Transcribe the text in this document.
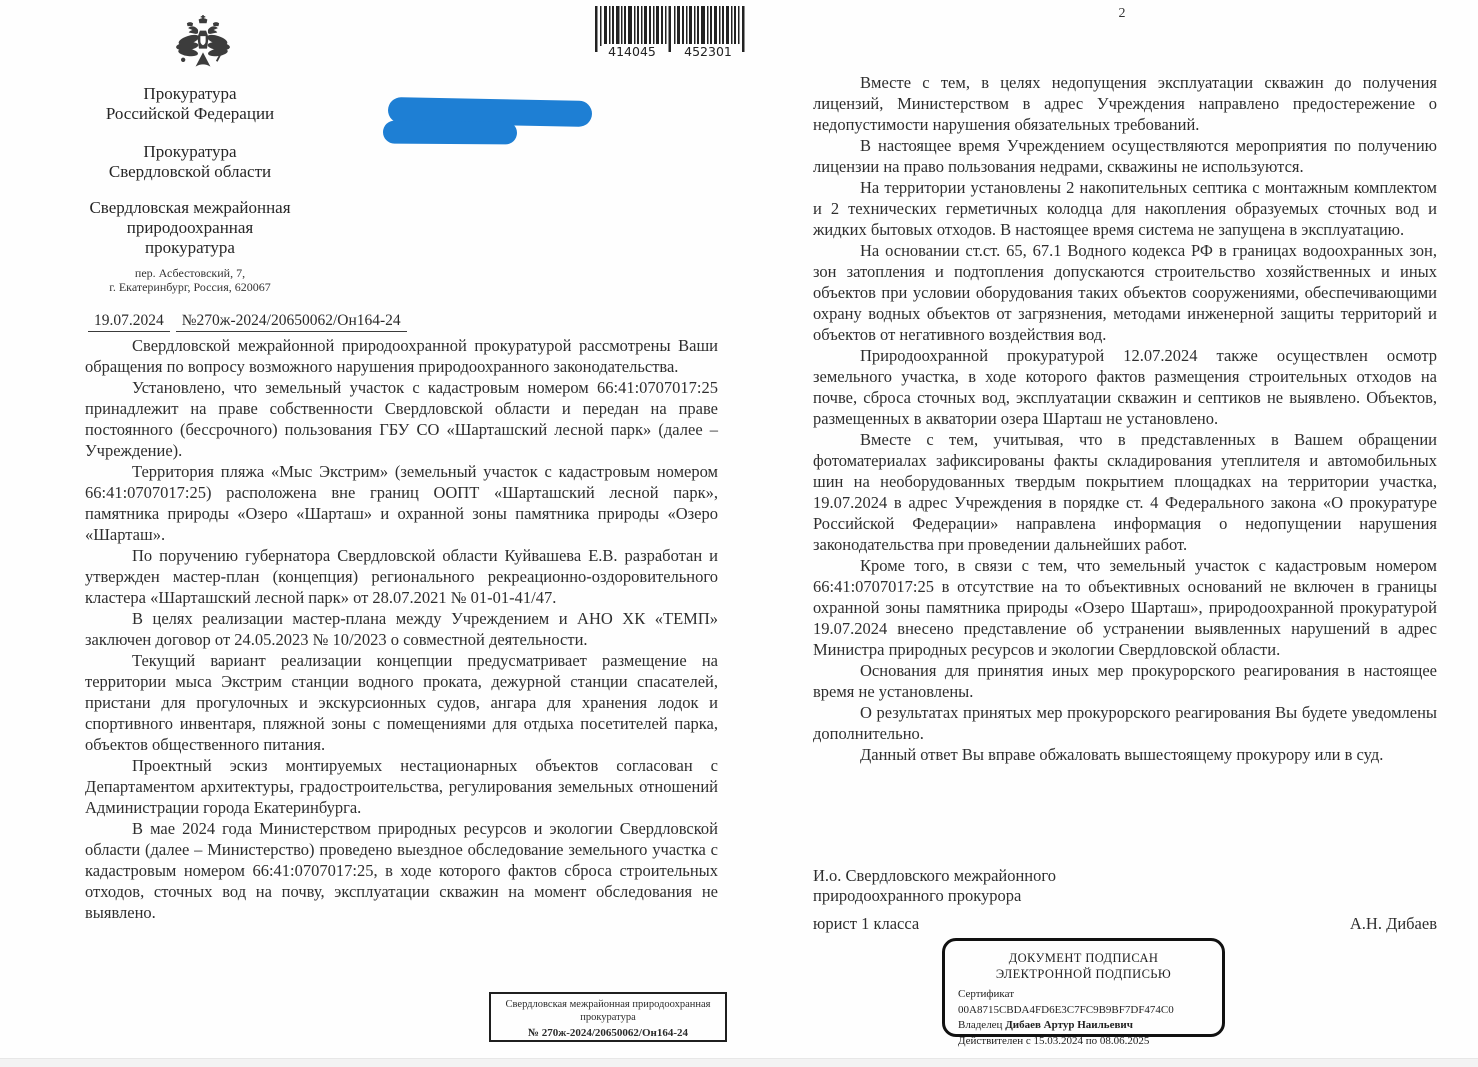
414045 452301
Прокуратура
Российской Федерации
Прокуратура
Свердловской области
Свердловская межрайонная
природоохранная
прокуратура
пер. Асбестовский, 7,
г. Екатеринбург, Россия, 620067
19.07.2024 №270ж-2024/20650062/Он164-24

Свердловской межрайонной природоохранной прокуратурой рассмотрены Ваши обращения по вопросу возможного нарушения природоохранного законодательства.

Установлено, что земельный участок с кадастровым номером 66:41:0707017:25 принадлежит на праве собственности Свердловской области и передан на праве постоянного (бессрочного) пользования ГБУ СО «Шарташский лесной парк» (далее – Учреждение).

Территория пляжа «Мыс Экстрим» (земельный участок с кадастровым номером 66:41:0707017:25) расположена вне границ ООПТ «Шарташский лесной парк», памятника природы «Озеро «Шарташ» и охранной зоны памятника природы «Озеро «Шарташ».

По поручению губернатора Свердловской области Куйвашева Е.В. разработан и утвержден мастер-план (концепция) регионального рекреационно-оздоровительного кластера «Шарташский лесной парк» от 28.07.2021 № 01-01-41/47.

В целях реализации мастер-плана между Учреждением и АНО ХК «ТЕМП» заключен договор от 24.05.2023 № 10/2023 о совместной деятельности.

Текущий вариант реализации концепции предусматривает размещение на территории мыса Экстрим станции водного проката, дежурной станции спасателей, пристани для прогулочных и экскурсионных судов, ангара для хранения лодок и спортивного инвентаря, пляжной зоны с помещениями для отдыха посетителей парка, объектов общественного питания.

Проектный эскиз монтируемых нестационарных объектов согласован с Департаментом архитектуры, градостроительства, регулирования земельных отношений Администрации города Екатеринбурга.

В мае 2024 года Министерством природных ресурсов и экологии Свердловской области (далее – Министерство) проведено выездное обследование земельного участка с кадастровым номером 66:41:0707017:25, в ходе которого фактов сброса строительных отходов, сточных вод на почву, эксплуатации скважин на момент обследования не выявлено.

Свердловская межрайонная природоохранная
прокуратура
№ 270ж-2024/20650062/Он164-24
2

Вместе с тем, в целях недопущения эксплуатации скважин до получения лицензий, Министерством в адрес Учреждения направлено предостережение о недопустимости нарушения обязательных требований.

В настоящее время Учреждением осуществляются мероприятия по получению лицензии на право пользования недрами, скважины не используются.

На территории установлены 2 накопительных септика с монтажным комплектом и 2 технических герметичных колодца для накопления образуемых сточных вод и жидких бытовых отходов. В настоящее время система не запущена в эксплуатацию.

На основании ст.ст. 65, 67.1 Водного кодекса РФ в границах водоохранных зон, зон затопления и подтопления допускаются строительство хозяйственных и иных объектов при условии оборудования таких объектов сооружениями, обеспечивающими охрану водных объектов от загрязнения, методами инженерной защиты территорий и объектов от негативного воздействия вод.

Природоохранной прокуратурой 12.07.2024 также осуществлен осмотр земельного участка, в ходе которого фактов размещения строительных отходов на почве, сброса сточных вод, эксплуатации скважин и септиков не выявлено. Объектов, размещенных в акватории озера Шарташ не установлено.

Вместе с тем, учитывая, что в представленных в Вашем обращении фотоматериалах зафиксированы факты складирования утеплителя и автомобильных шин на необорудованных твердым покрытием площадках на территории участка, 19.07.2024 в адрес Учреждения в порядке ст. 4 Федерального закона «О прокуратуре Российской Федерации» направлена информация о недопущении нарушения законодательства при проведении дальнейших работ.

Кроме того, в связи с тем, что земельный участок с кадастровым номером 66:41:0707017:25 в отсутствие на то объективных оснований не включен в границы охранной зоны памятника природы «Озеро Шарташ», природоохранной прокуратурой 19.07.2024 внесено представление об устранении выявленных нарушений в адрес Министра природных ресурсов и экологии Свердловской области.

Основания для принятия иных мер прокурорского реагирования в настоящее время не установлены.

О результатах принятых мер прокурорского реагирования Вы будете уведомлены дополнительно.

Данный ответ Вы вправе обжаловать вышестоящему прокурору или в суд.

И.о. Свердловского межрайонного
природоохранного прокурора
юрист 1 класса	А.Н. Дибаев
ДОКУМЕНТ ПОДПИСАН
ЭЛЕКТРОННОЙ ПОДПИСЬЮ
Сертификат 00A8715CBDA4FD6E3C7FC9B9BF7DF474C0
Владелец Дибаев Артур Наильевич
Действителен с 15.03.2024 по 08.06.2025
